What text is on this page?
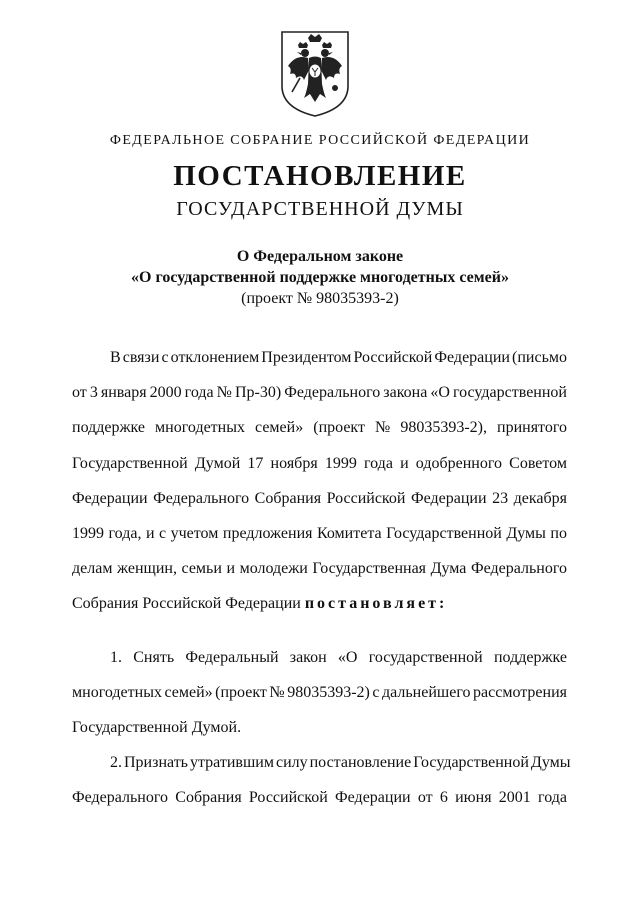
ФЕДЕРАЛЬНОЕ СОБРАНИЕ РОССИЙСКОЙ ФЕДЕРАЦИИ
ПОСТАНОВЛЕНИЕ
ГОСУДАРСТВЕННОЙ ДУМЫ
О Федеральном законе
«О государственной поддержке многодетных семей»
(проект № 98035393-2)
В связи с отклонением Президентом Российской Федерации (письмо
от 3 января 2000 года № Пр-30) Федерального закона «О государственной
поддержке многодетных семей» (проект № 98035393-2), принятого
Государственной Думой 17 ноября 1999 года и одобренного Советом
Федерации Федерального Собрания Российской Федерации 23 декабря
1999 года, и с учетом предложения Комитета Государственной Думы по
делам женщин, семьи и молодежи Государственная Дума Федерального
Собрания Российской Федерации постановляет:
1. Снять Федеральный закон «О государственной поддержке
многодетных семей» (проект № 98035393-2) с дальнейшего рассмотрения
Государственной Думой.
2. Признать утратившим силу постановление Государственной Думы
Федерального Собрания Российской Федерации от 6 июня 2001 года
